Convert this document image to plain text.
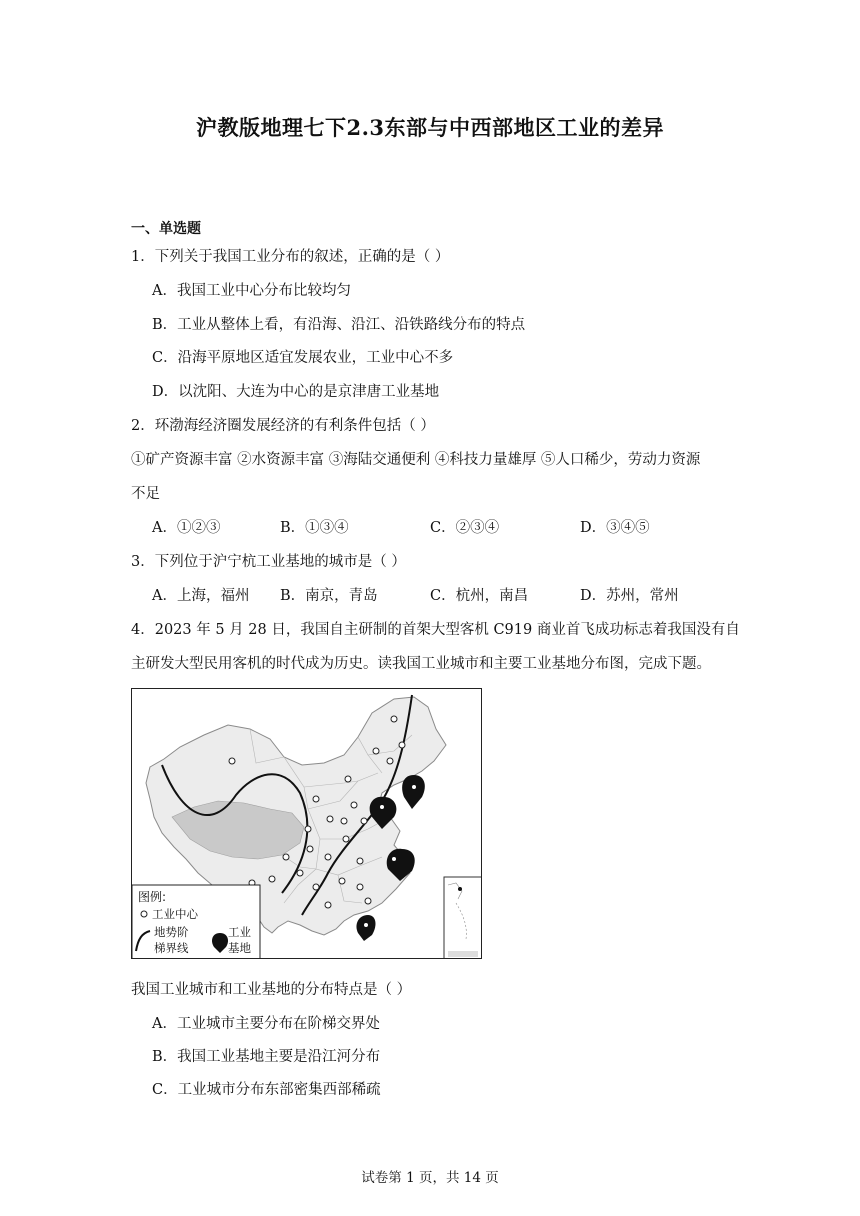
沪教版地理七下2.3东部与中西部地区工业的差异
一、单选题
1．下列关于我国工业分布的叙述，正确的是（ ）
A．我国工业中心分布比较均匀
B．工业从整体上看，有沿海、沿江、沿铁路线分布的特点
C．沿海平原地区适宜发展农业，工业中心不多
D．以沈阳、大连为中心的是京津唐工业基地
2．环渤海经济圈发展经济的有利条件包括（ ）
①矿产资源丰富 ②水资源丰富 ③海陆交通便利 ④科技力量雄厚 ⑤人口稀少，劳动力资源
不足
A．①②③	B．①③④	C．②③④	D．③④⑤
3．下列位于沪宁杭工业基地的城市是（ ）
A．上海，福州 B．南京，青岛	C．杭州，南昌	D．苏州，常州
4．2023 年 5 月 28 日，我国自主研制的首架大型客机 C919 商业首飞成功标志着我国没有自
主研发大型民用客机的时代成为历史。读我国工业城市和主要工业基地分布图，完成下题。
图例:
工业中心
地势阶
梯界线
工业
基地
我国工业城市和工业基地的分布特点是（ ）
A．工业城市主要分布在阶梯交界处
B．我国工业基地主要是沿江河分布
C．工业城市分布东部密集西部稀疏
试卷第 1 页，共 14 页
